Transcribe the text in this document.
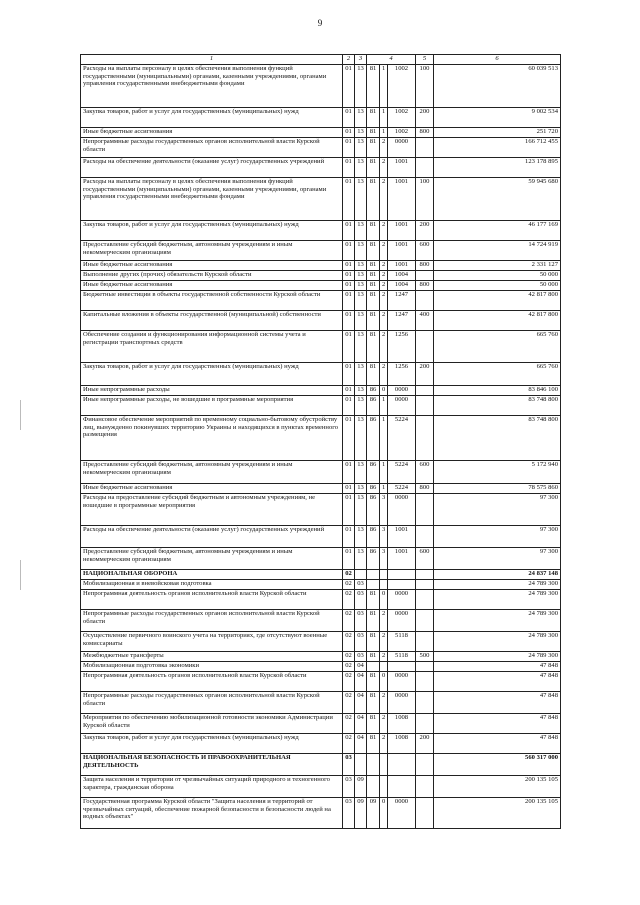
9
1	2	3	4			5	6
Расходы на выплаты персоналу в целях обеспечения выполнения функций государственными (муниципальными) органами, казенными учреждениями, органами управления государственными внебюджетными фондами	01	13	81	1	1002	100	60 039 513
Закупка товаров, работ и услуг для государственных (муниципальных) нужд	01	13	81	1	1002	200	9 002 534
Иные бюджетные ассигнования	01	13	81	1	1002	800	251 720
Непрограммные расходы государственных органов исполнительной власти Курской области	01	13	81	2	0000		166 712 455
Расходы на обеспечение деятельности (оказание услуг) государственных учреждений	01	13	81	2	1001		123 178 895
Расходы на выплаты персоналу в целях обеспечения выполнения функций государственными (муниципальными) органами, казенными учреждениями, органами управления государственными внебюджетными фондами	01	13	81	2	1001	100	59 945 680
Закупка товаров, работ и услуг для государственных (муниципальных) нужд	01	13	81	2	1001	200	46 177 169
Предоставление субсидий бюджетным, автономным учреждениям и иным некоммерческим организациям	01	13	81	2	1001	600	14 724 919
Иные бюджетные ассигнования	01	13	81	2	1001	800	2 331 127
Выполнение других (прочих) обязательств Курской области	01	13	81	2	1004		50 000
Иные бюджетные ассигнования	01	13	81	2	1004	800	50 000
Бюджетные инвестиции в объекты государственной собственности Курской области	01	13	81	2	1247		42 817 800
Капитальные вложения в объекты государственной (муниципальной) собственности	01	13	81	2	1247	400	42 817 800
Обеспечение создания и функционирования информационной системы учета и регистрации транспортных средств	01	13	81	2	1256		665 760
Закупка товаров, работ и услуг для государственных (муниципальных) нужд	01	13	81	2	1256	200	665 760
Иные непрограммные расходы	01	13	86	0	0000		83 846 100
Иные непрограммные расходы, не вошедшие в программные мероприятия	01	13	86	1	0000		83 748 800
Финансовое обеспечение мероприятий по временному социально-бытовому обустройству лиц, вынужденно покинувших территорию Украины и находящихся в пунктах временного размещения	01	13	86	1	5224		83 748 800
Предоставление субсидий бюджетным, автономным учреждениям и иным некоммерческим организациям	01	13	86	1	5224	600	5 172 940
Иные бюджетные ассигнования	01	13	86	1	5224	800	78 575 860
Расходы на предоставление субсидий бюджетным и автономным учреждениям, не вошедшие в программные мероприятия	01	13	86	3	0000		97 300
Расходы на обеспечение деятельности (оказание услуг) государственных учреждений	01	13	86	3	1001		97 300
Предоставление субсидий бюджетным, автономным учреждениям и иным некоммерческим организациям	01	13	86	3	1001	600	97 300
НАЦИОНАЛЬНАЯ ОБОРОНА	02						24 837 148
Мобилизационная и вневойсковая подготовка	02	03					24 789 300
Непрограммная деятельность органов исполнительной власти Курской области	02	03	81	0	0000		24 789 300
Непрограммные расходы государственных органов исполнительной власти Курской области	02	03	81	2	0000		24 789 300
Осуществление первичного воинского учета на территориях, где отсутствуют военные комиссариаты	02	03	81	2	5118		24 789 300
Межбюджетные трансферты	02	03	81	2	5118	500	24 789 300
Мобилизационная подготовка экономики	02	04					47 848
Непрограммная деятельность органов исполнительной власти Курской области	02	04	81	0	0000		47 848
Непрограммные расходы государственных органов исполнительной власти Курской области	02	04	81	2	0000		47 848
Мероприятия по обеспечению мобилизационной готовности экономики Администрации Курской области	02	04	81	2	1008		47 848
Закупка товаров, работ и услуг для государственных (муниципальных) нужд	02	04	81	2	1008	200	47 848
НАЦИОНАЛЬНАЯ БЕЗОПАСНОСТЬ И ПРАВООХРАНИТЕЛЬНАЯ ДЕЯТЕЛЬНОСТЬ	03						560 317 000
Защита населения и территории от чрезвычайных ситуаций природного и техногенного характера, гражданская оборона	03	09					200 135 105
Государственная программа Курской области "Защита населения и территорий от чрезвычайных ситуаций, обеспечение пожарной безопасности и безопасности людей на водных объектах"	03	09	09	0	0000		200 135 105
